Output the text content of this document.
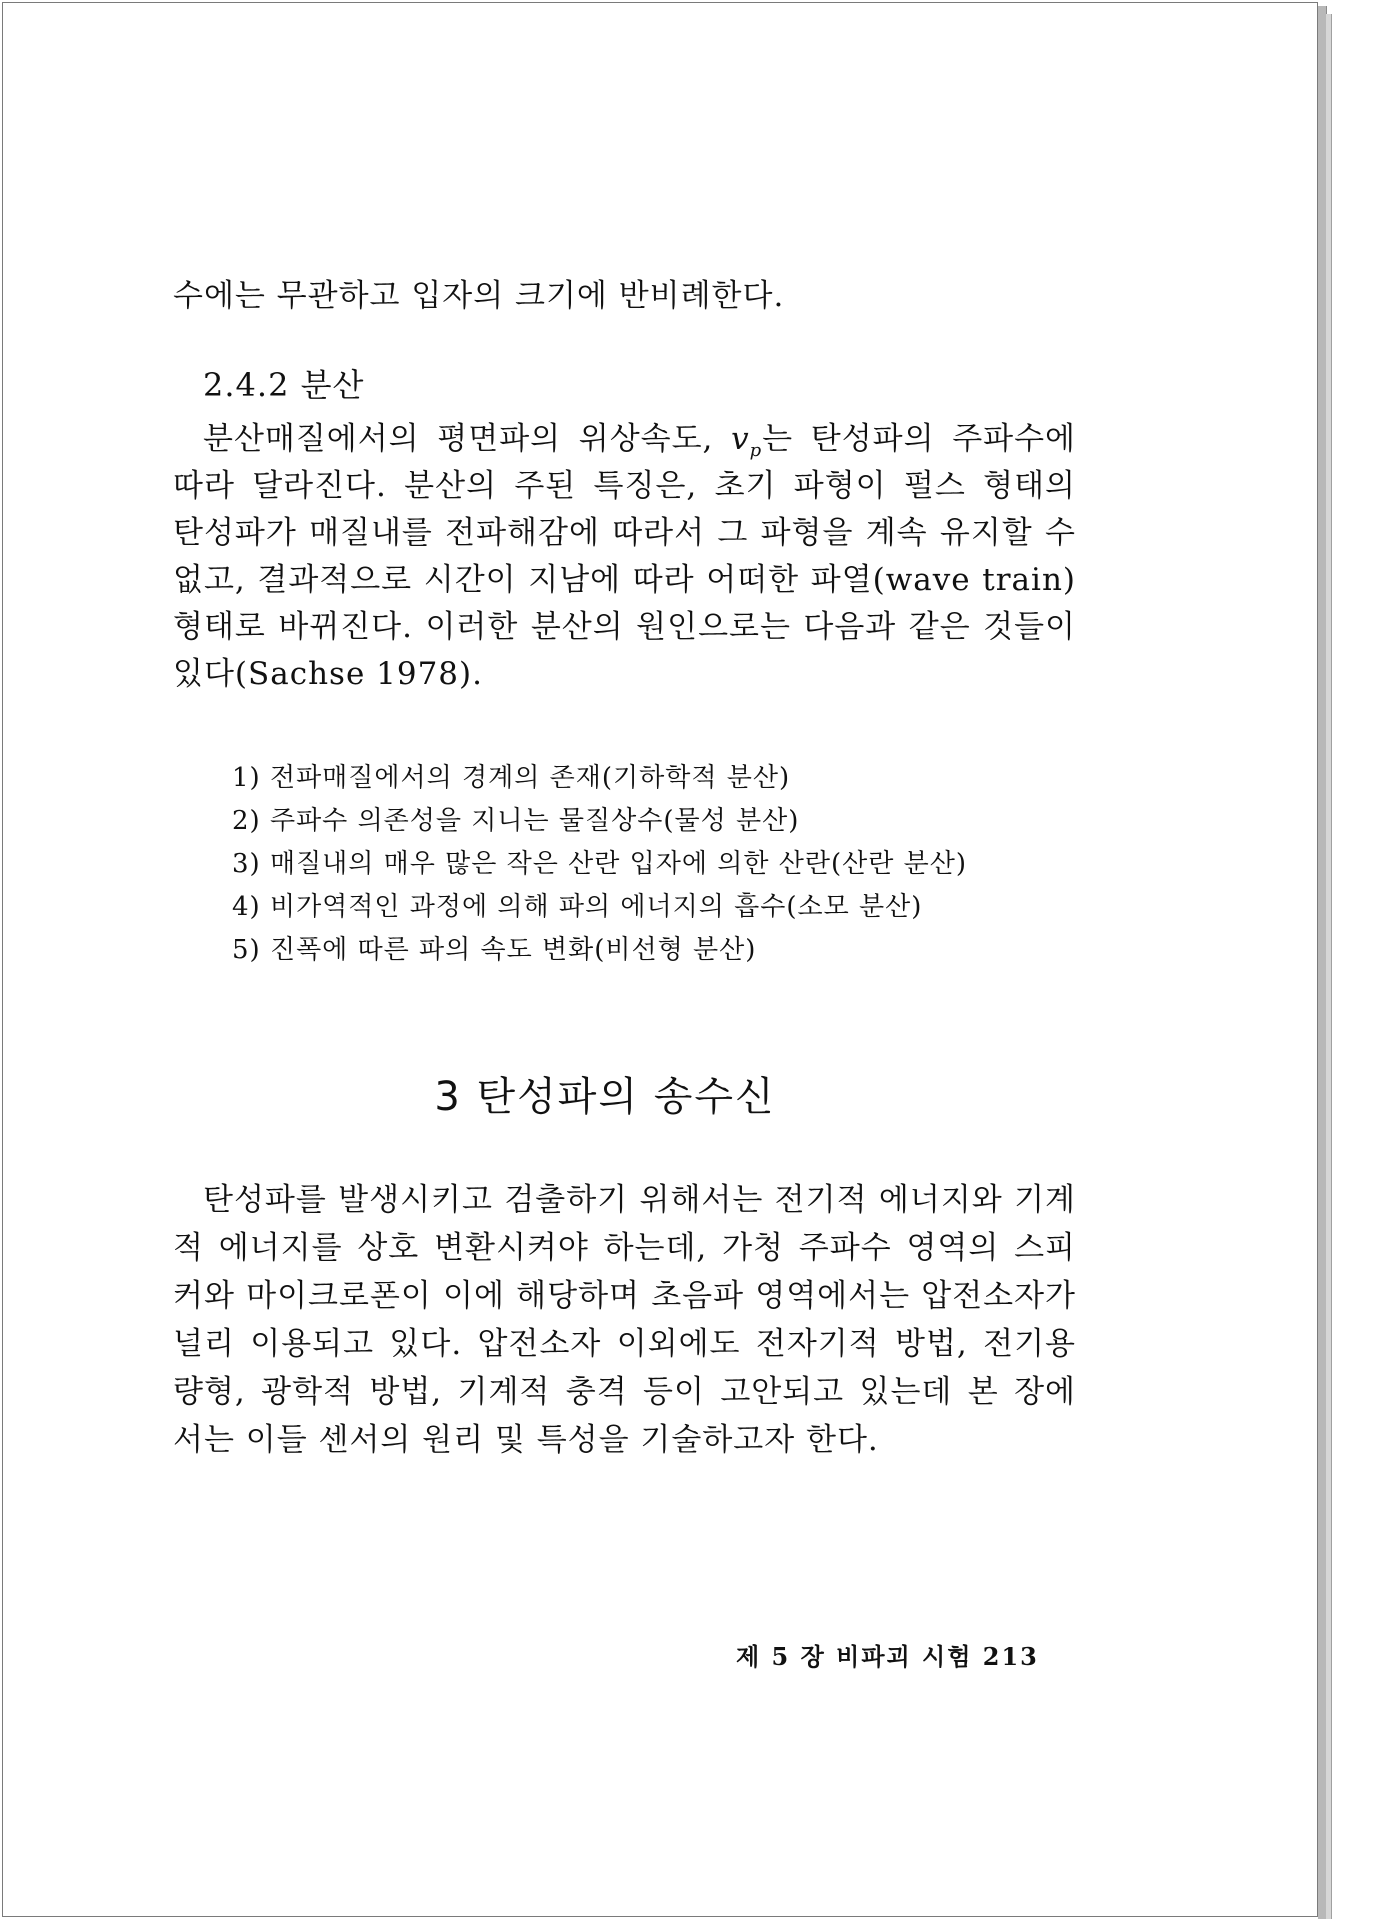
수에는 무관하고 입자의 크기에 반비례한다.
2.4.2 분산
분산매질에서의 평면파의 위상속도, $v_p$는 탄성파의 주파수에
따라 달라진다. 분산의 주된 특징은, 초기 파형이 펄스 형태의
탄성파가 매질내를 전파해감에 따라서 그 파형을 계속 유지할 수
없고, 결과적으로 시간이 지남에 따라 어떠한 파열(wave train)
형태로 바뀌진다. 이러한 분산의 원인으로는 다음과 같은 것들이
있다(Sachse 1978).
1) 전파매질에서의 경계의 존재(기하학적 분산)
2) 주파수 의존성을 지니는 물질상수(물성 분산)
3) 매질내의 매우 많은 작은 산란 입자에 의한 산란(산란 분산)
4) 비가역적인 과정에 의해 파의 에너지의 흡수(소모 분산)
5) 진폭에 따른 파의 속도 변화(비선형 분산)
3 탄성파의 송수신
탄성파를 발생시키고 검출하기 위해서는 전기적 에너지와 기계
적 에너지를 상호 변환시켜야 하는데, 가청 주파수 영역의 스피
커와 마이크로폰이 이에 해당하며 초음파 영역에서는 압전소자가
널리 이용되고 있다. 압전소자 이외에도 전자기적 방법, 전기용
량형, 광학적 방법, 기계적 충격 등이 고안되고 있는데 본 장에
서는 이들 센서의 원리 및 특성을 기술하고자 한다.
제 5 장 비파괴 시험 213
